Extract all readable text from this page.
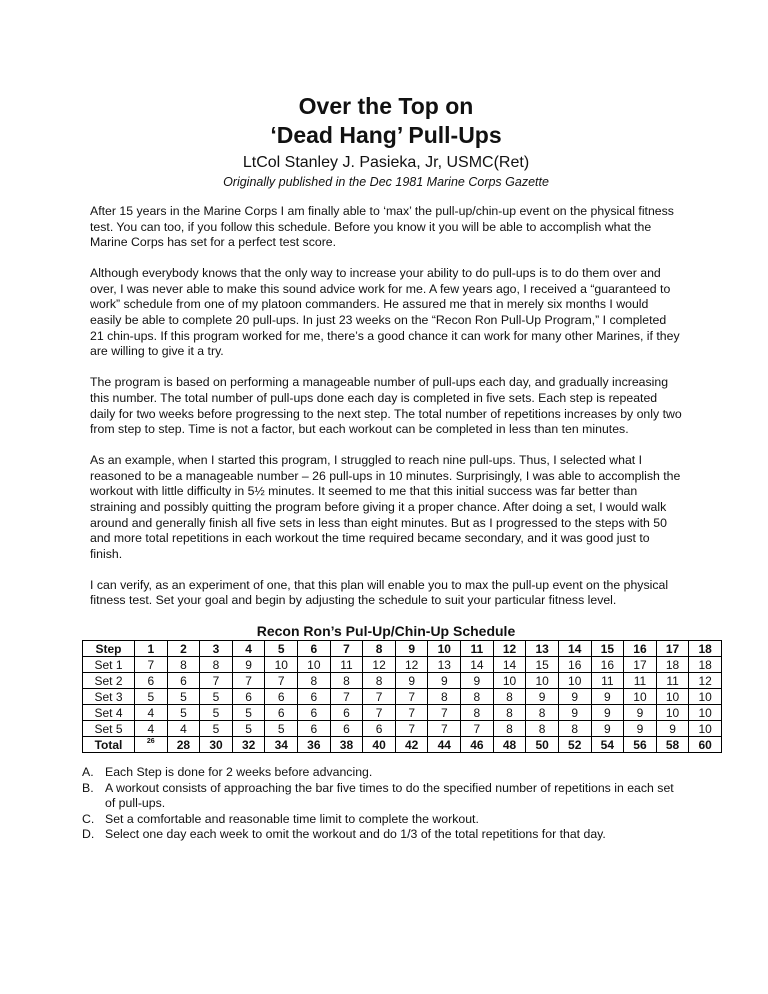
Over the Top on
‘Dead Hang’ Pull-Ups
LtCol Stanley J. Pasieka, Jr, USMC(Ret)
Originally published in the Dec 1981 Marine Corps Gazette

After 15 years in the Marine Corps I am finally able to ‘max’ the pull-up/chin-up event on the physical fitness test. You can too, if you follow this schedule. Before you know it you will be able to accomplish what the Marine Corps has set for a perfect test score.

Although everybody knows that the only way to increase your ability to do pull-ups is to do them over and over, I was never able to make this sound advice work for me. A few years ago, I received a “guaranteed to work” schedule from one of my platoon commanders. He assured me that in merely six months I would easily be able to complete 20 pull-ups. In just 23 weeks on the “Recon Ron Pull-Up Program,” I completed 21 chin-ups. If this program worked for me, there’s a good chance it can work for many other Marines, if they are willing to give it a try.

The program is based on performing a manageable number of pull-ups each day, and gradually increasing this number. The total number of pull-ups done each day is completed in five sets. Each step is repeated daily for two weeks before progressing to the next step. The total number of repetitions increases by only two from step to step. Time is not a factor, but each workout can be completed in less than ten minutes.

As an example, when I started this program, I struggled to reach nine pull-ups. Thus, I selected what I reasoned to be a manageable number – 26 pull-ups in 10 minutes. Surprisingly, I was able to accomplish the workout with little difficulty in 5½ minutes. It seemed to me that this initial success was far better than straining and possibly quitting the program before giving it a proper chance. After doing a set, I would walk around and generally finish all five sets in less than eight minutes. But as I progressed to the steps with 50 and more total repetitions in each workout the time required became secondary, and it was good just to finish.

I can verify, as an experiment of one, that this plan will enable you to max the pull-up event on the physical fitness test. Set your goal and begin by adjusting the schedule to suit your particular fitness level.

Recon Ron’s Pul-Up/Chin-Up Schedule
Step	1	2	3	4	5	6	7	8	9	10	11	12	13	14	15	16	17	18
Set 1	7	8	8	9	10	10	11	12	12	13	14	14	15	16	16	17	18	18
Set 2	6	6	7	7	7	8	8	8	9	9	9	10	10	10	11	11	11	12
Set 3	5	5	5	6	6	6	7	7	7	8	8	8	9	9	9	10	10	10
Set 4	4	5	5	5	6	6	6	7	7	7	8	8	8	9	9	9	10	10
Set 5	4	4	5	5	5	6	6	6	7	7	7	8	8	8	9	9	9	10
Total	$^{26}$	28	30	32	34	36	38	40	42	44	46	48	50	52	54	56	58	60
A. Each Step is done for 2 weeks before advancing.
B. A workout consists of approaching the bar five times to do the specified number of repetitions in each set of pull-ups.
C. Set a comfortable and reasonable time limit to complete the workout.
D. Select one day each week to omit the workout and do 1/3 of the total repetitions for that day.
